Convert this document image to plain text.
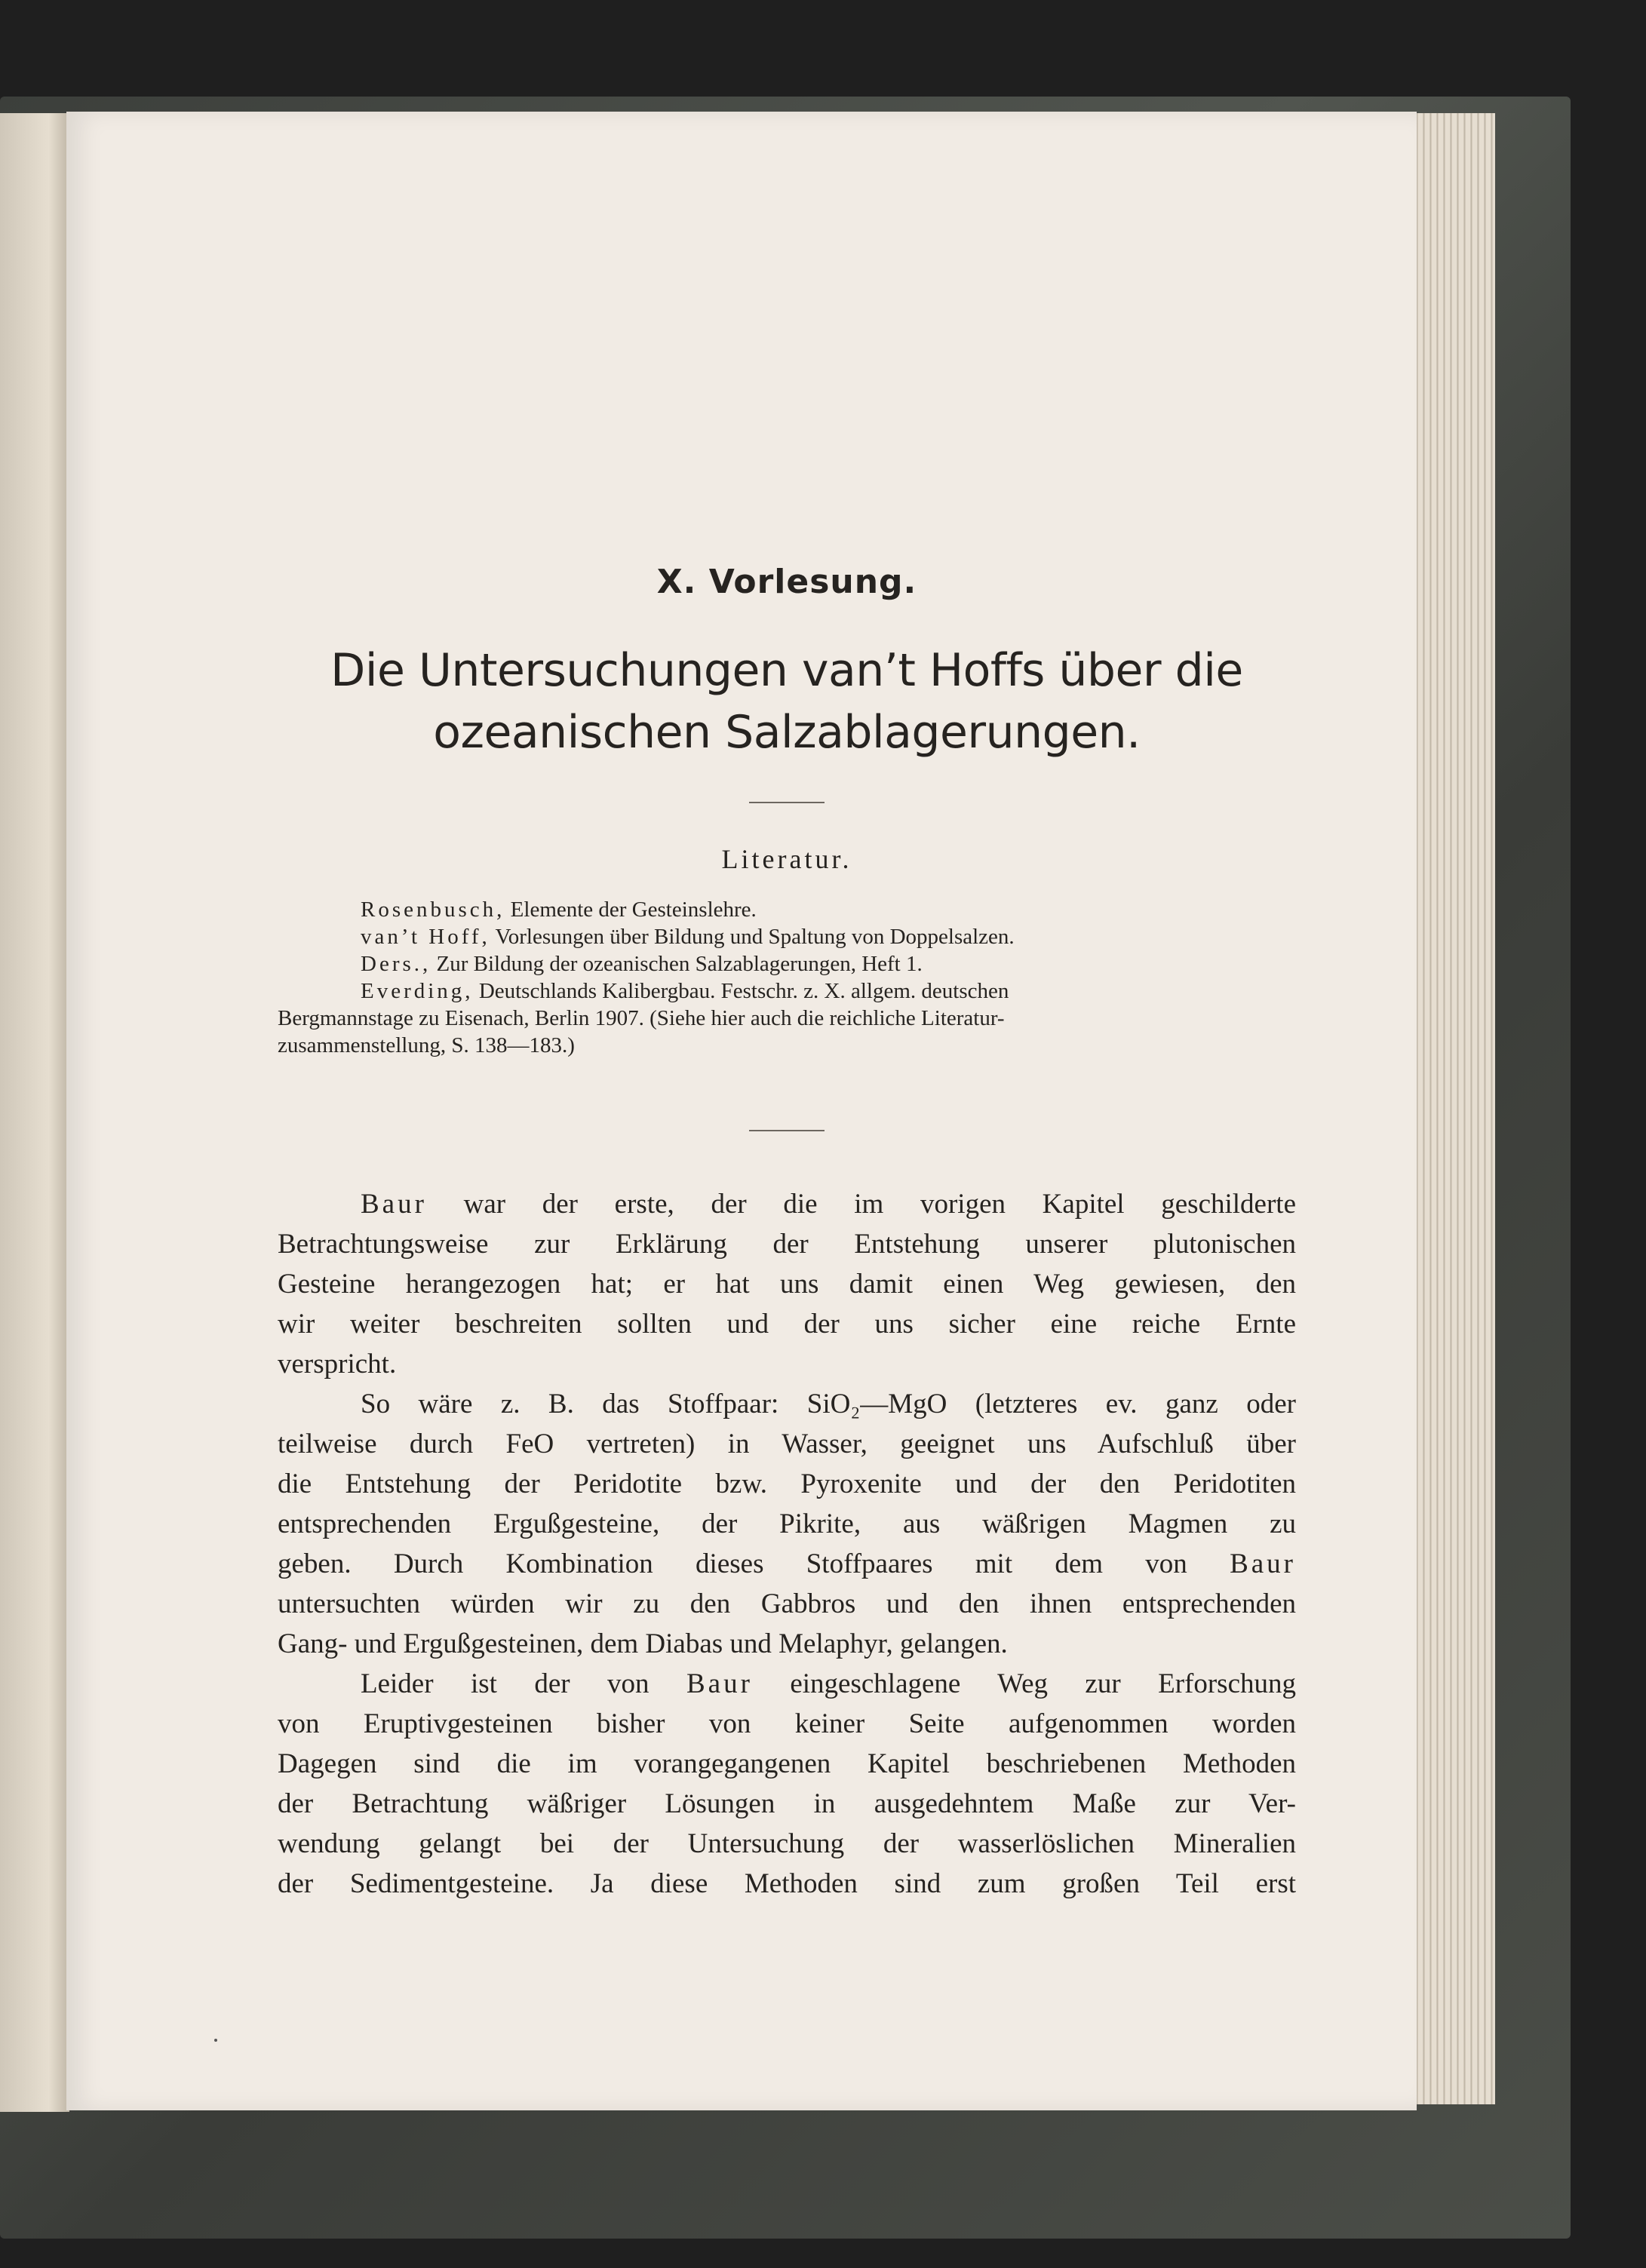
X. Vorlesung.
Die Untersuchungen van’t Hoffs über die
ozeanischen Salzablagerungen.
Literatur.
Rosenbusch, Elemente der Gesteinslehre.
van’t Hoff, Vorlesungen über Bildung und Spaltung von Doppelsalzen.
Ders., Zur Bildung der ozeanischen Salzablagerungen, Heft 1.
Everding, Deutschlands Kalibergbau. Festschr. z. X. allgem. deutschen
Bergmannstage zu Eisenach, Berlin 1907. (Siehe hier auch die reichliche Literatur-
zusammenstellung, S. 138—183.)
Baur war der erste, der die im vorigen Kapitel geschilderte
Betrachtungsweise zur Erklärung der Entstehung unserer plutonischen
Gesteine herangezogen hat; er hat uns damit einen Weg gewiesen, den
wir weiter beschreiten sollten und der uns sicher eine reiche Ernte
verspricht.
So wäre z. B. das Stoffpaar: SiO₂—MgO (letzteres ev. ganz oder
teilweise durch FeO vertreten) in Wasser, geeignet uns Aufschluß über
die Entstehung der Peridotite bzw. Pyroxenite und der den Peridotiten
entsprechenden Ergußgesteine, der Pikrite, aus wäßrigen Magmen zu
geben. Durch Kombination dieses Stoffpaares mit dem von Baur
untersuchten würden wir zu den Gabbros und den ihnen entsprechenden
Gang- und Ergußgesteinen, dem Diabas und Melaphyr, gelangen.
Leider ist der von Baur eingeschlagene Weg zur Erforschung
von Eruptivgesteinen bisher von keiner Seite aufgenommen worden
Dagegen sind die im vorangegangenen Kapitel beschriebenen Methoden
der Betrachtung wäßriger Lösungen in ausgedehntem Maße zur Ver-
wendung gelangt bei der Untersuchung der wasserlöslichen Mineralien
der Sedimentgesteine. Ja diese Methoden sind zum großen Teil erst
